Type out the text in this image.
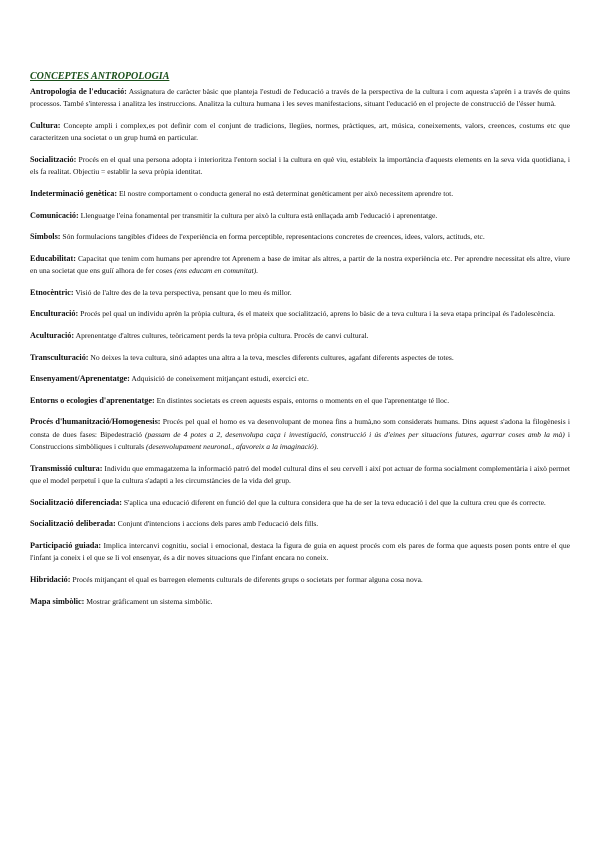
CONCEPTES ANTROPOLOGIA

Antropologia de l'educació: Assignatura de caràcter bàsic que planteja l'estudi de l'educació a través de la perspectiva de la cultura i com aquesta s'aprèn i a través de quins processos. També s'interessa i analitza les instruccions. Analitza la cultura humana i les seves manifestacions, situant l'educació en el projecte de construcció de l'ésser humà.

Cultura: Concepte ampli i complex,es pot definir com el conjunt de tradicions, llegües, normes, pràctiques, art, música, coneixements, valors, creences, costums etc que caracteritzen una societat o un grup humà en particular.

Socialització: Procés en el qual una persona adopta i interioritza l'entorn social i la cultura en què viu, estableix la importància d'aquests elements en la seva vida quotidiana, i els fa realitat. Objectiu = establir la seva pròpia identitat.

Indeterminació genètica: El nostre comportament o conducta general no està determinat genèticament per això necessitem aprendre tot.

Comunicació: Llenguatge l'eina fonamental per transmitir la cultura per això la cultura està enllaçada amb l'educació i aprenentatge.

Símbols: Són formulacions tangibles d'idees de l'experiència en forma perceptible, representacions concretes de creences, idees, valors, actituds, etc.

Educabilitat: Capacitat que tenim com humans per aprendre tot Aprenem a base de imitar als altres, a partir de la nostra experiència etc. Per aprendre necessitat els altre, viure en una societat que ens guiï alhora de fer coses (ens educam en comunitat).

Etnocèntric: Visió de l'altre des de la teva perspectiva, pensant que lo meu és millor.

Enculturació: Procés pel qual un individu aprèn la pròpia cultura, és el mateix que socialització, aprens lo bàsic de a teva cultura i la seva etapa principal és l'adolescència.

Aculturació: Aprenentatge d'altres cultures, teòricament perds la teva pròpia cultura. Procés de canvi cultural.

Transculturació: No deixes la teva cultura, sinó adaptes una altra a la teva, mescles diferents cultures, agafant diferents aspectes de totes.

Ensenyament/Aprenentatge: Adquisició de coneixement mitjançant estudi, exercici etc.

Entorns o ecologies d'aprenentatge: En distintes societats es creen aquests espais, entorns o moments en el que l'aprenentatge té lloc.

Procés d'humanització/Homogenesis: Procés pel qual el homo es va desenvolupant de monea fins a humà,no som considerats humans. Dins aquest s'adona la filogènesis i consta de dues fases: Bipedestració (passam de 4 potes a 2, desenvolupa caça i investigació, construcció i ús d'eines per situacions futures, agarrar coses amb la mà) i Construccions simbòliques i culturals (desenvolupament neuronal., afavoreix a la imaginació).

Transmissió cultura: Individu que emmagatzema la informació patró del model cultural dins el seu cervell i així pot actuar de forma socialment complementària i això permet que el model perpetuï i que la cultura s'adapti a les circumstàncies de la vida del grup.

Socialització diferenciada: S'aplica una educació diferent en funció del que la cultura considera que ha de ser la teva educació i del que la cultura creu que és correcte.

Socialització deliberada: Conjunt d'intencions i accions dels pares amb l'educació dels fills.

Participació guiada: Implica intercanvi cognitiu, social i emocional, destaca la figura de guia en aquest procés com els pares de forma que aquests posen ponts entre el que l'infant ja coneix i el que se li vol ensenyar, és a dir noves situacions que l'infant encara no coneix.

Hibridació: Procés mitjançant el qual es barregen elements culturals de diferents grups o societats per formar alguna cosa nova.

Mapa simbòlic: Mostrar gràficament un sistema simbòlic.
